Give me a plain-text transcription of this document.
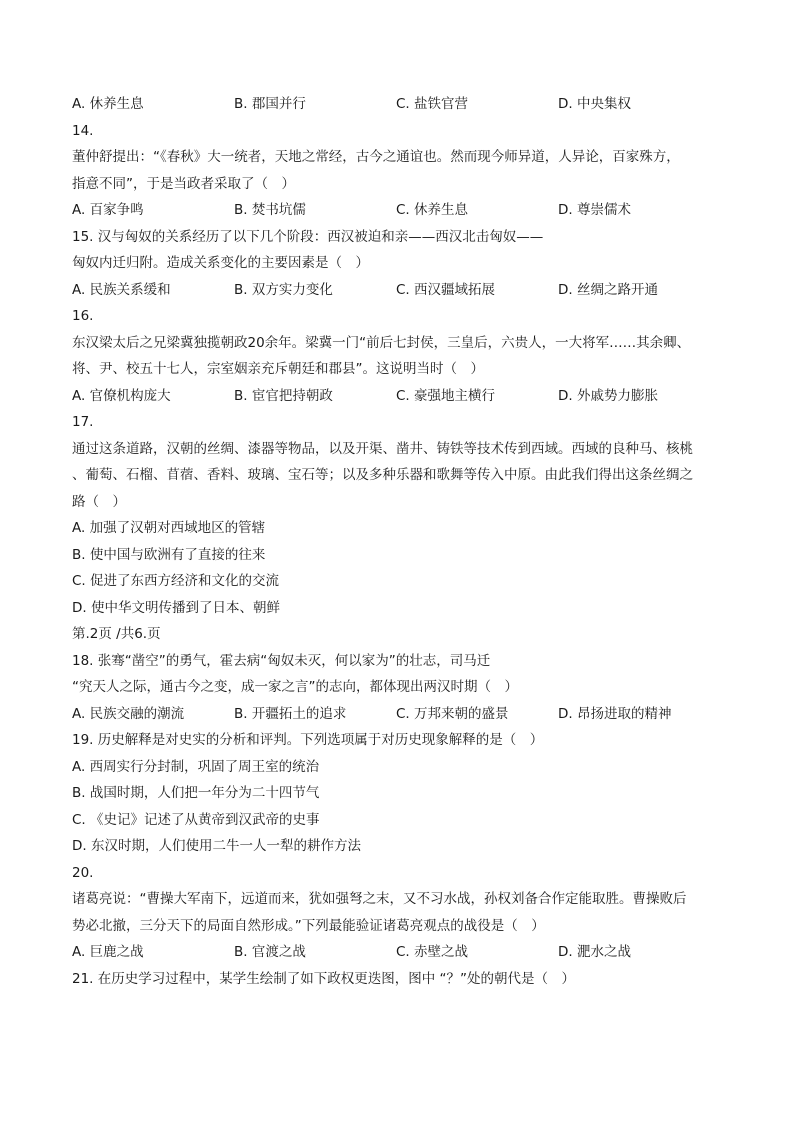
A. 休养生息	B. 郡国并行	C. 盐铁官营	D. 中央集权
14.
董仲舒提出：“《春秋》大一统者，天地之常经，古今之通谊也。然而现今师异道，人异论，百家殊方，
指意不同”，于是当政者采取了（　）
A. 百家争鸣	B. 焚书坑儒	C. 休养生息	D. 尊崇儒术
15. 汉与匈奴的关系经历了以下几个阶段：西汉被迫和亲——西汉北击匈奴——
匈奴内迁归附。造成关系变化的主要因素是（　）
A. 民族关系缓和	B. 双方实力变化	C. 西汉疆域拓展	D. 丝绸之路开通
16.
东汉梁太后之兄梁冀独揽朝政20余年。梁冀一门“前后七封侯，三皇后，六贵人，一大将军……其余卿、
将、尹、校五十七人，宗室姻亲充斥朝廷和郡县”。这说明当时（　）
A. 官僚机构庞大	B. 宦官把持朝政	C. 豪强地主横行	D. 外戚势力膨胀
17.
通过这条道路，汉朝的丝绸、漆器等物品，以及开渠、凿井、铸铁等技术传到西域。西域的良种马、核桃
、葡萄、石榴、苜蓿、香料、玻璃、宝石等；以及多种乐器和歌舞等传入中原。由此我们得出这条丝绸之
路（　）
A. 加强了汉朝对西域地区的管辖
B. 使中国与欧洲有了直接的往来
C. 促进了东西方经济和文化的交流
D. 使中华文明传播到了日本、朝鲜
第.2页 /共6.页
18. 张骞“凿空”的勇气，霍去病“匈奴未灭，何以家为”的壮志，司马迁
“究天人之际，通古今之变，成一家之言”的志向，都体现出两汉时期（　）
A. 民族交融的潮流	B. 开疆拓土的追求	C. 万邦来朝的盛景	D. 昂扬进取的精神
19. 历史解释是对史实的分析和评判。下列选项属于对历史现象解释的是（　）
A. 西周实行分封制，巩固了周王室的统治
B. 战国时期，人们把一年分为二十四节气
C. 《史记》记述了从黄帝到汉武帝的史事
D. 东汉时期，人们使用二牛一人一犁的耕作方法
20.
诸葛亮说：“曹操大军南下，远道而来，犹如强弩之末，又不习水战，孙权刘备合作定能取胜。曹操败后
势必北撤，三分天下的局面自然形成。”下列最能验证诸葛亮观点的战役是（　）
A. 巨鹿之战	B. 官渡之战	C. 赤壁之战	D. 淝水之战
21. 在历史学习过程中，某学生绘制了如下政权更迭图，图中 “？”处的朝代是（　）
